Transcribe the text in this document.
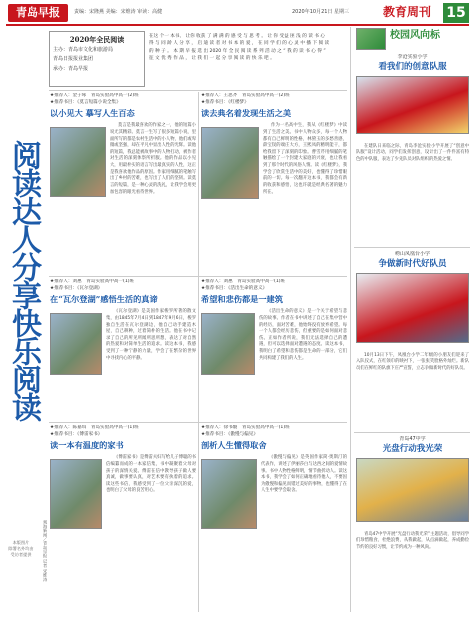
青岛早报	责编：宋隆燕 美编：宋维涛 审读：高健	2020年10月21日 星期三	教育周刊 15
阅读达人分享快乐阅读
本版图片
除署名外均由
受访者提供	观海新闻／青岛早报 记者 宋维涛
2020年全民阅读
主办：青岛市文化和旅游局
青岛日报报业集团
承办：青岛早报
在这 个一 本书、 让你 收获 了 满 满 的 感 受 与 思 考 。 让 你 受益 匪 浅 的 读 书 心 得 与 同 龄 人 分 享 ， 启 迪 读 者 对 书 本 的 爱 ， 在 同 学 们 的 心 灵 中 播 下 阅 读 的 种 子 。 本 期 早 报 选 出 2020 年 全 民 阅 读 系 列 活 动 之 “ 我 的 读 书 心 得 ” 征 文 优 秀 作 品 ， 让 我 们 一 起 分 享 阅 读 的 快 乐 吧 。
★推荐人：金子琢　青岛实验高中高一(2)班
★推荐书目：《莫言短篇小说全集》
以小见大 摹写人生百态
莫言是我最喜欢的作家之一，他的短篇小说尤其精彩。莫言一生写了很多短篇小说，里面所写的都是农村生活中的小人物，他们或卑微或坚强，却在平凡中显出人性的光辉。读他的短篇，我总能被故事中的人物打动，被作者对生活的深刻体察所折服。他的作品以小见大，用最朴实的语言写出最真实的人性，这正是我喜欢他作品的原因。作家用细腻的笔触写出了乡村的苦难，也写出了人们的坚韧。读莫言的短篇，是一种心灵的洗礼，让我学会用更加包容的眼光看待世界。
★推荐人：王思齐　青岛实验高中高一(2)班
★推荐书目：《红楼梦》
读去典名着发现生活之美
作为一名高中生，我从《红楼梦》中读到了生活之美。书中人物众多，每一个人物都有自己鲜明的性格，林黛玉的多愁善感，薛宝钗的端庄大方，王熙凤的精明能干，都给我留下了深刻的印象。曹雪芹用细腻的笔触描绘了一个封建大家庭的兴衰，也让我看到了那个时代的风俗人情。读《红楼梦》，我学会了欣赏生活中的美好，也懂得了珍惜眼前的一切。每一次翻开这本书，我都会有新的收获和感悟，这也许就是经典名著的魅力所在。
★推荐人：刘惠　青岛实验高中高一(1)班
★推荐书目：《瓦尔登湖》
在“瓦尔登湖”感悟生活的真谛
《瓦尔登湖》是美国作家梭罗所著的散文集，由1845年7月4日到1847年9月6日，梭罗独自生活在瓦尔登湖边，他自己动手建造木屋，自己耕种，过着简朴的生活。他在书中记录了自己的所见所闻所思所想，表达了对自然的热爱和对简单生活的追求。读这本书，我感受到了一种宁静的力量，学会了在繁杂的世界中寻找内心的平静。
★推荐人：刘惠　青岛实验高中高一(1)班
★推荐书目：《活出生命的意义》
希望和悲伤都是一建筑
《活出生命的意义》是一个关于希望与悲伤的故事。作者在书中讲述了自己在集中营中的经历，面对苦难，他始终没有放弃希望。每一个人都会经历悲伤，但重要的是如何面对悲伤。正如作者所说，我们无法选择自己的遭遇，但可以选择面对遭遇的态度。读这本书，我明白了希望和悲伤都是生命的一部分，它们共同构建了我们的人生。
★推荐人：陈嘉琪　青岛实验高中高一(1)班
★推荐书目：《傅雷家书》
读一本有温度的家书
《傅雷家书》是傅雷夫妇写给儿子傅聪的书信编纂而成的一本家信集，书中凝聚着父母对孩子的深情关爱。傅雷在信中教导孩子做人要真诚，做事要认真，对艺术要有执着的追求。读这些书信，我感受到了一位父亲深沉的爱，也明白了父母的良苦用心。
★推荐人：徐书璇　青岛实验高中高一(1)班
★推荐书目：《傲慢与偏见》
剖析人生懂得取舍
《傲慢与偏见》是英国作家简·奥斯汀的代表作，讲述了伊丽莎白与达西之间的爱情故事。书中人物性格鲜明，情节曲折动人。读这本书，我学会了如何正确地看待他人，不要因为傲慢和偏见而错过美好的事物，也懂得了在人生中要学会取舍。
校园风向标
李沧实验小学
看我们的创意队服
在建队日来临之际，青岛李沧实验小学开展了“创意中队服”设计活动，同学们发挥创意，设计出了一件件富有特色的中队服，表达了少先队员对队组织的热爱之情。
崂山凤凰台小学
争做新时代好队员
10月13日下午，凤凰台小学二年级的小朋友们迎来了入队仪式，在红领巾的映衬下，一张张笑脸格外灿烂。新队员们在鲜红的队旗下庄严宣誓，立志争做新时代的好队员。
青岛47中学
光盘行动我光荣
青岛47中学开展“光盘行动我光荣”主题活动，倡导同学们珍惜粮食、杜绝浪费，从我做起，从点滴做起，养成勤俭节约的良好习惯，让节约成为一种风尚。
